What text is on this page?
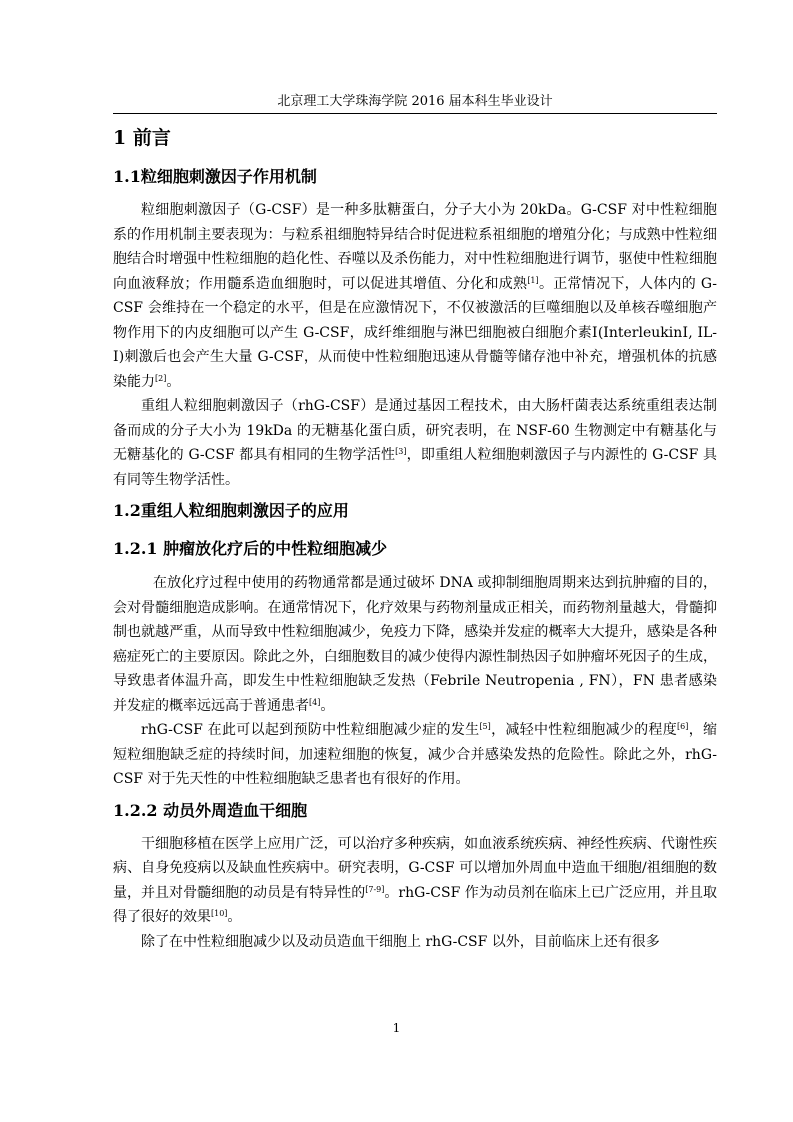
北京理工大学珠海学院 2016 届本科生毕业设计
1 前言
1.1粒细胞刺激因子作用机制

粒细胞刺激因子（G-CSF）是一种多肽糖蛋白，分子大小为 20kDa。G-CSF 对中性粒细胞系的作用机制主要表现为：与粒系祖细胞特异结合时促进粒系祖细胞的增殖分化；与成熟中性粒细胞结合时增强中性粒细胞的趋化性、吞噬以及杀伤能力，对中性粒细胞进行调节，驱使中性粒细胞向血液释放；作用髓系造血细胞时，可以促进其增值、分化和成熟[1]。正常情况下，人体内的 G-CSF 会维持在一个稳定的水平，但是在应激情况下，不仅被激活的巨噬细胞以及单核吞噬细胞产物作用下的内皮细胞可以产生 G-CSF，成纤维细胞与淋巴细胞被白细胞介素Ⅰ(InterleukinⅠ, IL-Ⅰ)刺激后也会产生大量 G-CSF，从而使中性粒细胞迅速从骨髓等储存池中补充，增强机体的抗感染能力[2]。

重组人粒细胞刺激因子（rhG-CSF）是通过基因工程技术，由大肠杆菌表达系统重组表达制备而成的分子大小为 19kDa 的无糖基化蛋白质，研究表明，在 NSF-60 生物测定中有糖基化与无糖基化的 G-CSF 都具有相同的生物学活性[3]，即重组人粒细胞刺激因子与内源性的 G-CSF 具有同等生物学活性。

1.2重组人粒细胞刺激因子的应用
1.2.1 肿瘤放化疗后的中性粒细胞减少

在放化疗过程中使用的药物通常都是通过破坏 DNA 或抑制细胞周期来达到抗肿瘤的目的，会对骨髓细胞造成影响。在通常情况下，化疗效果与药物剂量成正相关，而药物剂量越大，骨髓抑制也就越严重，从而导致中性粒细胞减少，免疫力下降，感染并发症的概率大大提升，感染是各种癌症死亡的主要原因。除此之外，白细胞数目的减少使得内源性制热因子如肿瘤坏死因子的生成，导致患者体温升高，即发生中性粒细胞缺乏发热（Febrile Neutropenia , FN），FN 患者感染并发症的概率远远高于普通患者[4]。

rhG-CSF 在此可以起到预防中性粒细胞减少症的发生[5]，减轻中性粒细胞减少的程度[6]，缩短粒细胞缺乏症的持续时间，加速粒细胞的恢复，减少合并感染发热的危险性。除此之外，rhG-CSF 对于先天性的中性粒细胞缺乏患者也有很好的作用。

1.2.2 动员外周造血干细胞

干细胞移植在医学上应用广泛，可以治疗多种疾病，如血液系统疾病、神经性疾病、代谢性疾病、自身免疫病以及缺血性疾病中。研究表明，G-CSF 可以增加外周血中造血干细胞/祖细胞的数量，并且对骨髓细胞的动员是有特异性的[7-9]。rhG-CSF 作为动员剂在临床上已广泛应用，并且取得了很好的效果[10]。

除了在中性粒细胞减少以及动员造血干细胞上 rhG-CSF 以外，目前临床上还有很多

1
